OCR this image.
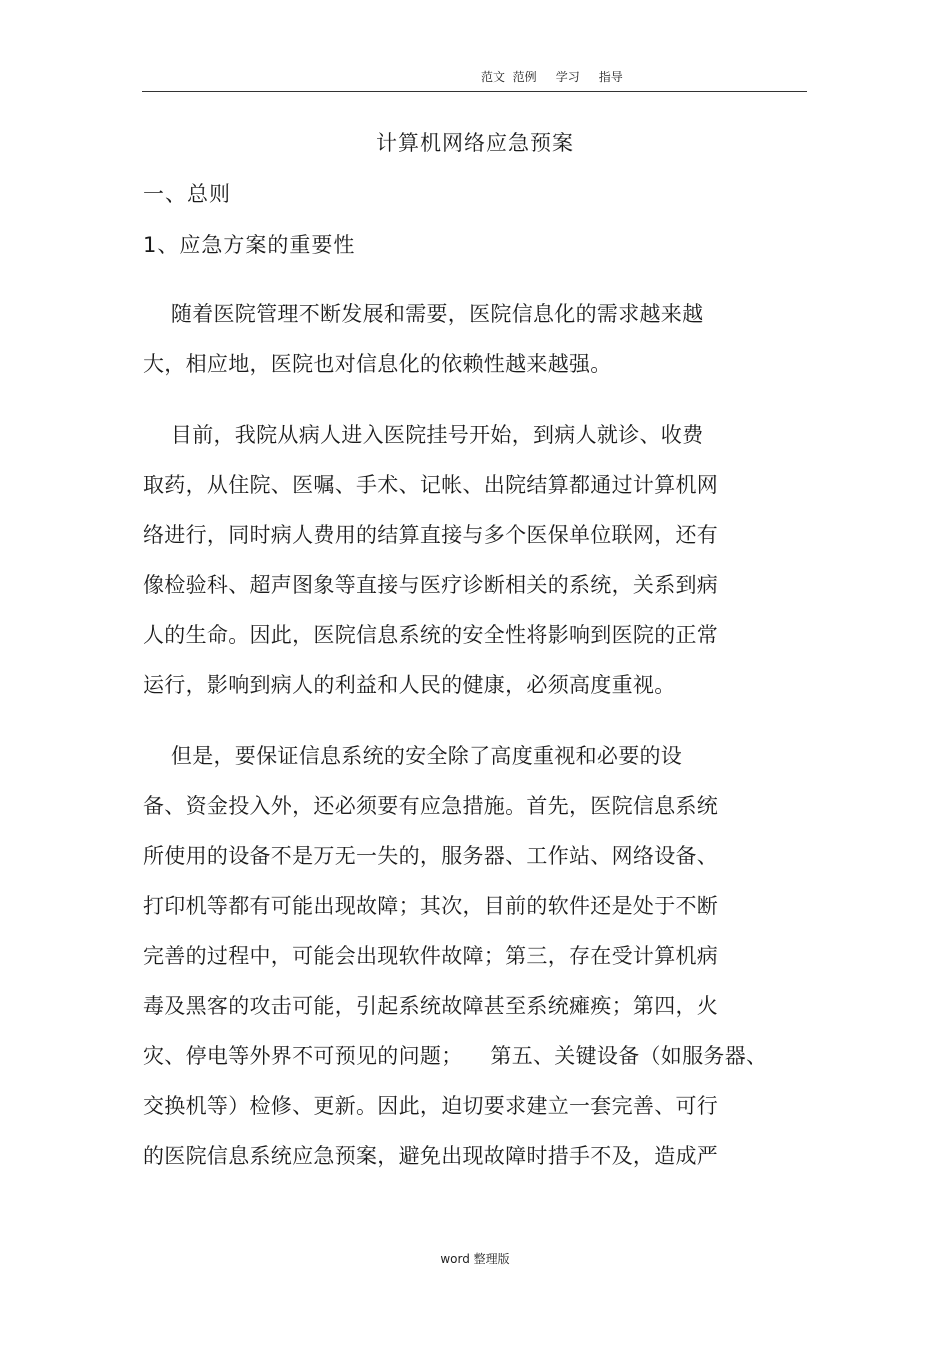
范文  范例     学习     指导
计算机网络应急预案
一、总则
1、应急方案的重要性
随着医院管理不断发展和需要，医院信息化的需求越来越
大，相应地，医院也对信息化的依赖性越来越强。
目前，我院从病人进入医院挂号开始，到病人就诊、收费
取药，从住院、医嘱、手术、记帐、出院结算都通过计算机网
络进行，同时病人费用的结算直接与多个医保单位联网，还有
像检验科、超声图象等直接与医疗诊断相关的系统，关系到病
人的生命。因此，医院信息系统的安全性将影响到医院的正常
运行，影响到病人的利益和人民的健康，必须高度重视。
但是，要保证信息系统的安全除了高度重视和必要的设
备、资金投入外，还必须要有应急措施。首先，医院信息系统
所使用的设备不是万无一失的，服务器、工作站、网络设备、
打印机等都有可能出现故障；其次，目前的软件还是处于不断
完善的过程中，可能会出现软件故障；第三，存在受计算机病
毒及黑客的攻击可能，引起系统故障甚至系统瘫痪；第四，火
灾、停电等外界不可预见的问题；    第五、关键设备（如服务器、
交换机等）检修、更新。因此，迫切要求建立一套完善、可行
的医院信息系统应急预案，避免出现故障时措手不及，造成严
word 整理版
